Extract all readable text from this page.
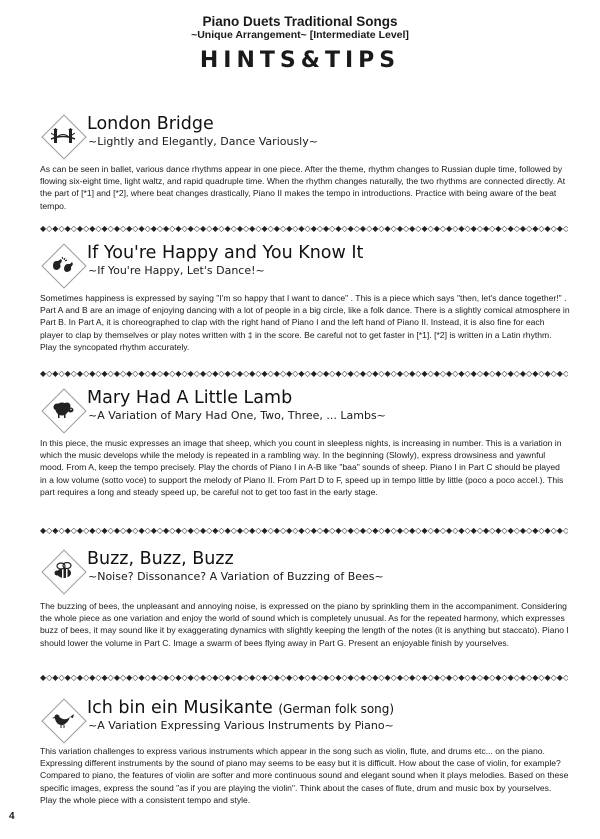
Piano Duets Traditional Songs
~Unique Arrangement~ [Intermediate Level]
HINTS&TIPS
London Bridge
~Lightly and Elegantly, Dance Variously~
As can be seen in ballet, various dance rhythms appear in one piece. After the theme, rhythm changes to Russian duple time, followed by flowing six-eight time, light waltz, and rapid quadruple time. When the rhythm changes naturally, the two rhythms are connected directly. At the part of [*1] and [*2], where beat changes drastically, Piano II makes the tempo in introductions. Practice with being aware of the beat tempo.
◆◇◆◇◆◇◆◇◆◇◆◇◆◇◆◇◆◇◆◇◆◇◆◇◆◇◆◇◆◇◆◇◆◇◆◇◆◇◆◇◆◇◆◇◆◇◆◇◆◇◆◇◆◇◆◇◆◇◆◇◆◇◆◇◆◇◆◇◆◇◆◇◆◇◆◇◆◇◆◇◆◇◆◇◆◇◆◇◆◇◆◇
If You're Happy and You Know It
~If You're Happy, Let's Dance!~
Sometimes happiness is expressed by saying "I'm so happy that I want to dance" . This is a piece which says "then, let's dance together!" . Part A and B are an image of enjoying dancing with a lot of people in a big circle, like a folk dance. There is a slightly comical atmosphere in Part B. In Part A, it is choreographed to clap with the right hand of Piano I and the left hand of Piano II. Instead, it is also fine for each player to clap by themselves or play notes written with ‡ in the score. Be careful not to get faster in [*1]. [*2] is written in a Latin rhythm. Play the syncopated rhythm accurately.
◆◇◆◇◆◇◆◇◆◇◆◇◆◇◆◇◆◇◆◇◆◇◆◇◆◇◆◇◆◇◆◇◆◇◆◇◆◇◆◇◆◇◆◇◆◇◆◇◆◇◆◇◆◇◆◇◆◇◆◇◆◇◆◇◆◇◆◇◆◇◆◇◆◇◆◇◆◇◆◇◆◇◆◇◆◇◆◇◆◇◆◇
Mary Had A Little Lamb
~A Variation of Mary Had One, Two, Three, ... Lambs~
In this piece, the music expresses an image that sheep, which you count in sleepless nights, is increasing in number. This is a variation in which the music develops while the melody is repeated in a rambling way. In the beginning (Slowly), express drowsiness and yawnful mood. From A, keep the tempo precisely. Play the chords of Piano I in A-B like "baa" sounds of sheep. Piano I in Part C should be played in a low volume (sotto voce) to support the melody of Piano II. From Part D to F, speed up in tempo little by little (poco a poco accel.). This part requires a long and steady speed up, be careful not to get too fast in the early stage.
◆◇◆◇◆◇◆◇◆◇◆◇◆◇◆◇◆◇◆◇◆◇◆◇◆◇◆◇◆◇◆◇◆◇◆◇◆◇◆◇◆◇◆◇◆◇◆◇◆◇◆◇◆◇◆◇◆◇◆◇◆◇◆◇◆◇◆◇◆◇◆◇◆◇◆◇◆◇◆◇◆◇◆◇◆◇◆◇◆◇◆◇
Buzz, Buzz, Buzz
~Noise? Dissonance? A Variation of Buzzing of Bees~
The buzzing of bees, the unpleasant and annoying noise, is expressed on the piano by sprinkling them in the accompaniment. Considering the whole piece as one variation and enjoy the world of sound which is completely unusual. As for the repeated harmony, which expresses buzz of bees, it may sound like it by exaggerating dynamics with slightly keeping the length of the notes (it is anything but staccato). Piano I should lower the volume in Part C. Image a swarm of bees flying away in Part G. Present an enjoyable finish by yourselves.
◆◇◆◇◆◇◆◇◆◇◆◇◆◇◆◇◆◇◆◇◆◇◆◇◆◇◆◇◆◇◆◇◆◇◆◇◆◇◆◇◆◇◆◇◆◇◆◇◆◇◆◇◆◇◆◇◆◇◆◇◆◇◆◇◆◇◆◇◆◇◆◇◆◇◆◇◆◇◆◇◆◇◆◇◆◇◆◇◆◇◆◇
Ich bin ein Musikante (German folk song)
~A Variation Expressing Various Instruments by Piano~
This variation challenges to express various instruments which appear in the song such as violin, flute, and drums etc... on the piano. Expressing different instruments by the sound of piano may seems to be easy but it is difficult. How about the case of violin, for example? Compared to piano, the features of violin are softer and more continuous sound and elegant sound when it plays melodies. Based on these specific images, express the sound "as if you are playing the violin". Think about the cases of flute, drum and music box by yourselves. Play the whole piece with a consistent tempo and style.
4
